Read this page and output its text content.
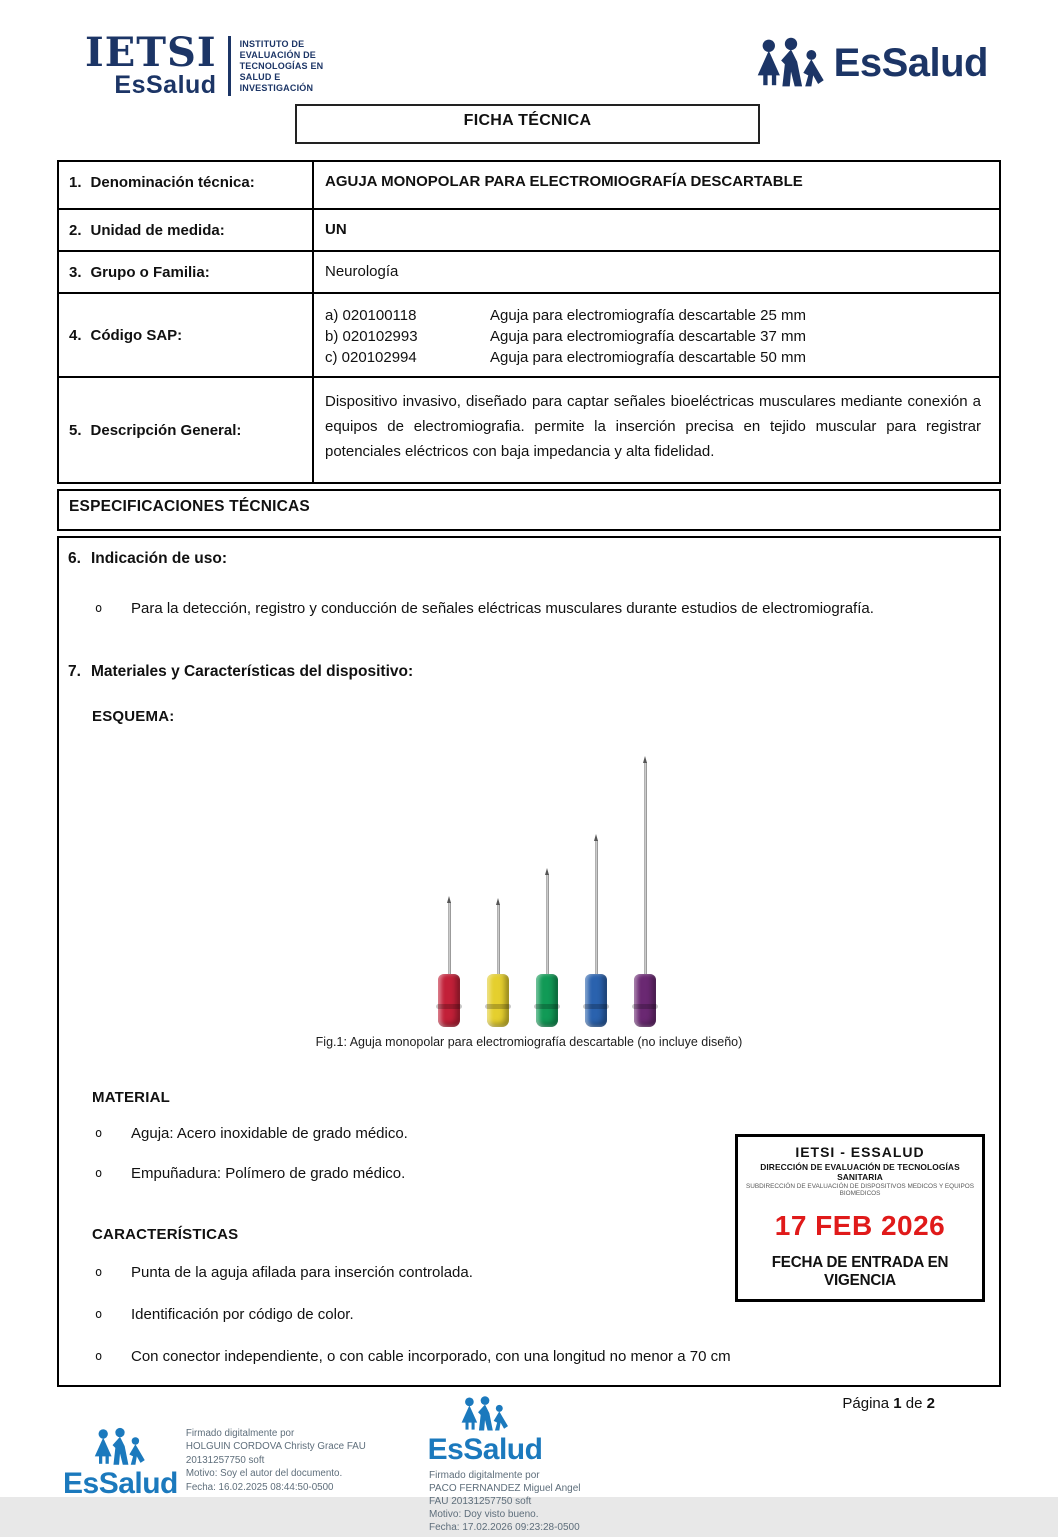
IETSI
EsSalud
INSTITUTO DE
EVALUACIÓN DE
TECNOLOGÍAS EN
SALUD E
INVESTIGACIÓN
EsSalud
FICHA TÉCNICA
1. Denominación técnica:	AGUJA MONOPOLAR PARA ELECTROMIOGRAFÍA DESCARTABLE
2. Unidad de medida:	UN
3. Grupo o Familia:	Neurología
4. Código SAP:
a) 020100118	Aguja para electromiografía descartable 25 mm
b) 020102993	Aguja para electromiografía descartable 37 mm
c) 020102994	Aguja para electromiografía descartable 50 mm
5. Descripción General:
Dispositivo invasivo, diseñado para captar señales bioeléctricas musculares mediante conexión a equipos de electromiografia. permite la inserción precisa en tejido muscular para registrar potenciales eléctricos con baja impedancia y alta fidelidad.
ESPECIFICACIONES TÉCNICAS
6. Indicación de uso:
o	Para la detección, registro y conducción de señales eléctricas musculares durante estudios de electromiografía.
7. Materiales y Características del dispositivo:
ESQUEMA:
Fig.1: Aguja monopolar para electromiografía descartable (no incluye diseño)
MATERIAL
o	Aguja: Acero inoxidable de grado médico.
o	Empuñadura: Polímero de grado médico.
CARACTERÍSTICAS
o	Punta de la aguja afilada para inserción controlada.
o	Identificación por código de color.
o	Con conector independiente, o con cable incorporado, con una longitud no menor a 70 cm
IETSI - ESSALUD
DIRECCIÓN DE EVALUACIÓN DE TECNOLOGÍAS SANITARIA
SUBDIRECCIÓN DE EVALUACIÓN DE DISPOSITIVOS MEDICOS Y EQUIPOS BIOMEDICOS
17 FEB 2026
FECHA DE ENTRADA EN VIGENCIA
Página 1 de 2
EsSalud
Firmado digitalmente por
HOLGUIN CORDOVA Christy Grace FAU
20131257750 soft
Motivo: Soy el autor del documento.
Fecha: 16.02.2025 08:44:50-0500
EsSalud
Firmado digitalmente por
PACO FERNANDEZ Miguel Angel
FAU 20131257750 soft
Motivo: Doy visto bueno.
Fecha: 17.02.2026 09:23:28-0500
